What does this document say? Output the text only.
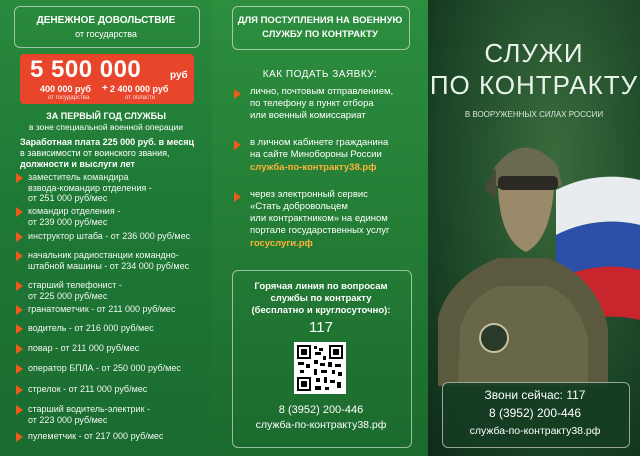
ДЕНЕЖНОЕ ДОВОЛЬСТВИЕ
от государства
5 500 000	руб
400 000 руб
от государства
+ 2 400 000 руб
от области
ЗА ПЕРВЫЙ ГОД СЛУЖБЫ
в зоне специальной военной операции
Заработная плата 225 000 руб. в месяц
в зависимости от воинского звания,
должности и выслуги лет
заместитель командира
взвода-командир отделения -
от 251 000 руб/мес
командир отделения -
от 239 000 руб/мес
инструктор штаба - от 236 000 руб/мес
начальник радиостанции командно-
штабной машины - от 234 000 руб/мес
старший телефонист -
от 225 000 руб/мес
гранатометчик - от 211 000 руб/мес
водитель - от 216 000 руб/мес
повар - от 211 000 руб/мес
оператор БПЛА - от 250 000 руб/мес
стрелок - от 211 000 руб/мес
старший водитель-электрик -
от 223 000 руб/мес
пулеметчик - от 217 000 руб/мес
ДЛЯ ПОСТУПЛЕНИЯ НА ВОЕННУЮ
СЛУЖБУ ПО КОНТРАКТУ
КАК ПОДАТЬ ЗАЯВКУ:
лично, почтовым отправлением,
по телефону в пункт отбора
или военный комиссариат
в личном кабинете гражданина
на сайте Минобороны России
служба-по-контракту38.рф
через электронный сервис
«Стать добровольцем
или контрактником» на едином
портале государственных услуг
госуслуги.рф
Горячая линия по вопросам
службы по контракту
(бесплатно и круглосуточно):
117
8 (3952) 200-446
служба-по-контракту38.рф
СЛУЖИ
ПО КОНТРАКТУ
В ВООРУЖЕННЫХ СИЛАХ РОССИИ
Звони сейчас: 117
8 (3952) 200-446
служба-по-контракту38.рф
